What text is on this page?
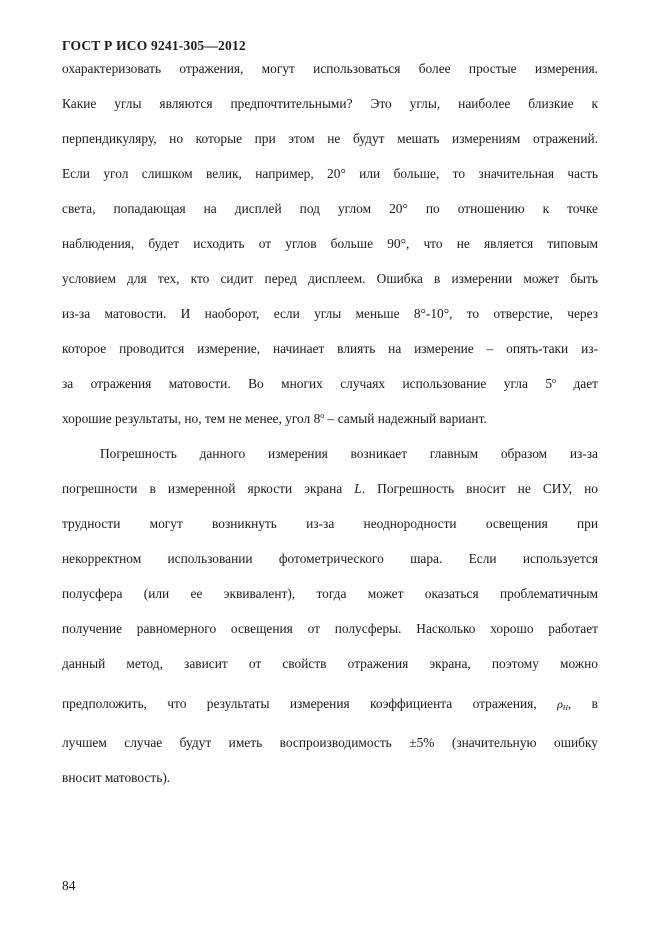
ГОСТ Р ИСО 9241-305—2012
охарактеризовать отражения, могут использоваться более простые измерения.
Какие углы являются предпочтительными? Это углы, наиболее близкие к
перпендикуляру, но которые при этом не будут мешать измерениям отражений.
Если угол слишком велик, например, 20° или больше, то значительная часть
света, попадающая на дисплей под углом 20° по отношению к точке
наблюдения, будет исходить от углов больше 90°, что не является типовым
условием для тех, кто сидит перед дисплеем. Ошибка в измерении может быть
из-за матовости. И наоборот, если углы меньше 8°-10°, то отверстие, через
которое проводится измерение, начинает влиять на измерение – опять-таки из-
за отражения матовости. Во многих случаях использование угла $5^о$ дает
хорошие результаты, но, тем не менее, угол $8^о$ – самый надежный вариант.
Погрешность данного измерения возникает главным образом из-за
погрешности в измеренной яркости экрана L. Погрешность вносит не СИУ, но
трудности могут возникнуть из-за неоднородности освещения при
некорректном использовании фотометрического шара. Если используется
полусфера (или ее эквивалент), тогда может оказаться проблематичным
получение равномерного освещения от полусферы. Насколько хорошо работает
данный метод, зависит от свойств отражения экрана, поэтому можно
предположить, что результаты измерения коэффициента отражения, $\rho_H$, в
лучшем случае будут иметь воспроизводимость ±5% (значительную ошибку
вносит матовость).
84
